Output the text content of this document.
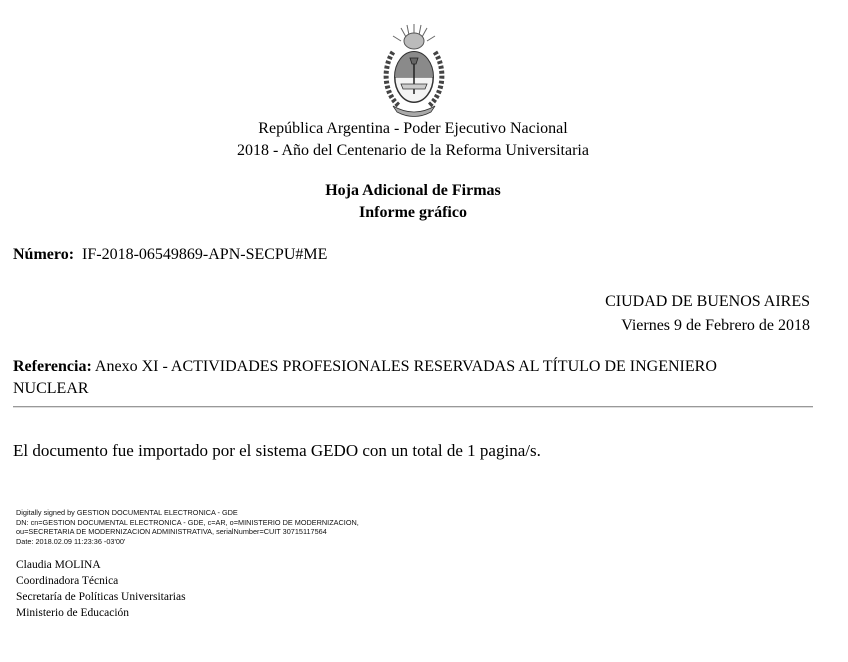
República Argentina - Poder Ejecutivo Nacional
2018 - Año del Centenario de la Reforma Universitaria
Hoja Adicional de Firmas
Informe gráfico
Número: IF-2018-06549869-APN-SECPU#ME
CIUDAD DE BUENOS AIRES
Viernes 9 de Febrero de 2018
Referencia: Anexo XI - ACTIVIDADES PROFESIONALES RESERVADAS AL TÍTULO DE INGENIERO NUCLEAR
El documento fue importado por el sistema GEDO con un total de 1 pagina/s.
Digitally signed by GESTION DOCUMENTAL ELECTRONICA - GDE
DN: cn=GESTION DOCUMENTAL ELECTRONICA - GDE, c=AR, o=MINISTERIO DE MODERNIZACION,
ou=SECRETARIA DE MODERNIZACION ADMINISTRATIVA, serialNumber=CUIT 30715117564
Date: 2018.02.09 11:23:36 -03'00'
Claudia MOLINA
Coordinadora Técnica
Secretaría de Políticas Universitarias
Ministerio de Educación
